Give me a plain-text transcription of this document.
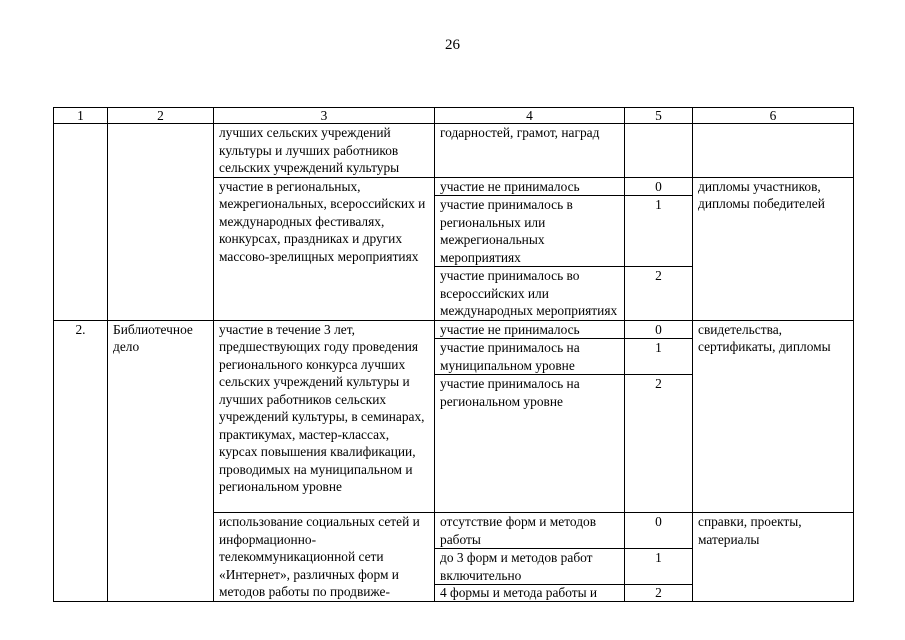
26
1	2	3	4	5	6
		лучших сельских учреждений культуры и лучших работников сельских учреждений культуры	годарностей, грамот, наград		
		участие в региональных, межрегиональных, всероссийских и международных фестивалях, конкурсах, праздниках и других массово-зрелищных мероприятиях	участие не принималось	0	дипломы участников, дипломы победителей
			участие принималось в региональных или межрегиональных мероприятиях	1	
			участие принималось во всероссийских или международных мероприятиях	2	
2.	Библиотечное дело	участие в течение 3 лет, предшествующих году проведения регионального конкурса лучших сельских учреждений культуры и лучших работников сельских учреждений культуры, в семинарах, практикумах, мастер-классах, курсах повышения квалификации, проводимых на муниципальном и региональном уровне	участие не принималось	0	свидетельства, сертификаты, дипломы
			участие принималось на муниципальном уровне	1	
			участие принималось на региональном уровне	2	
		использование социальных сетей и информационно-телекоммуникационной сети «Интернет», различных форм и методов работы по продвиже-	отсутствие форм и методов работы	0	справки, проекты, материалы
			до 3 форм и методов работ включительно	1	
			4 формы и метода работы и	2	
